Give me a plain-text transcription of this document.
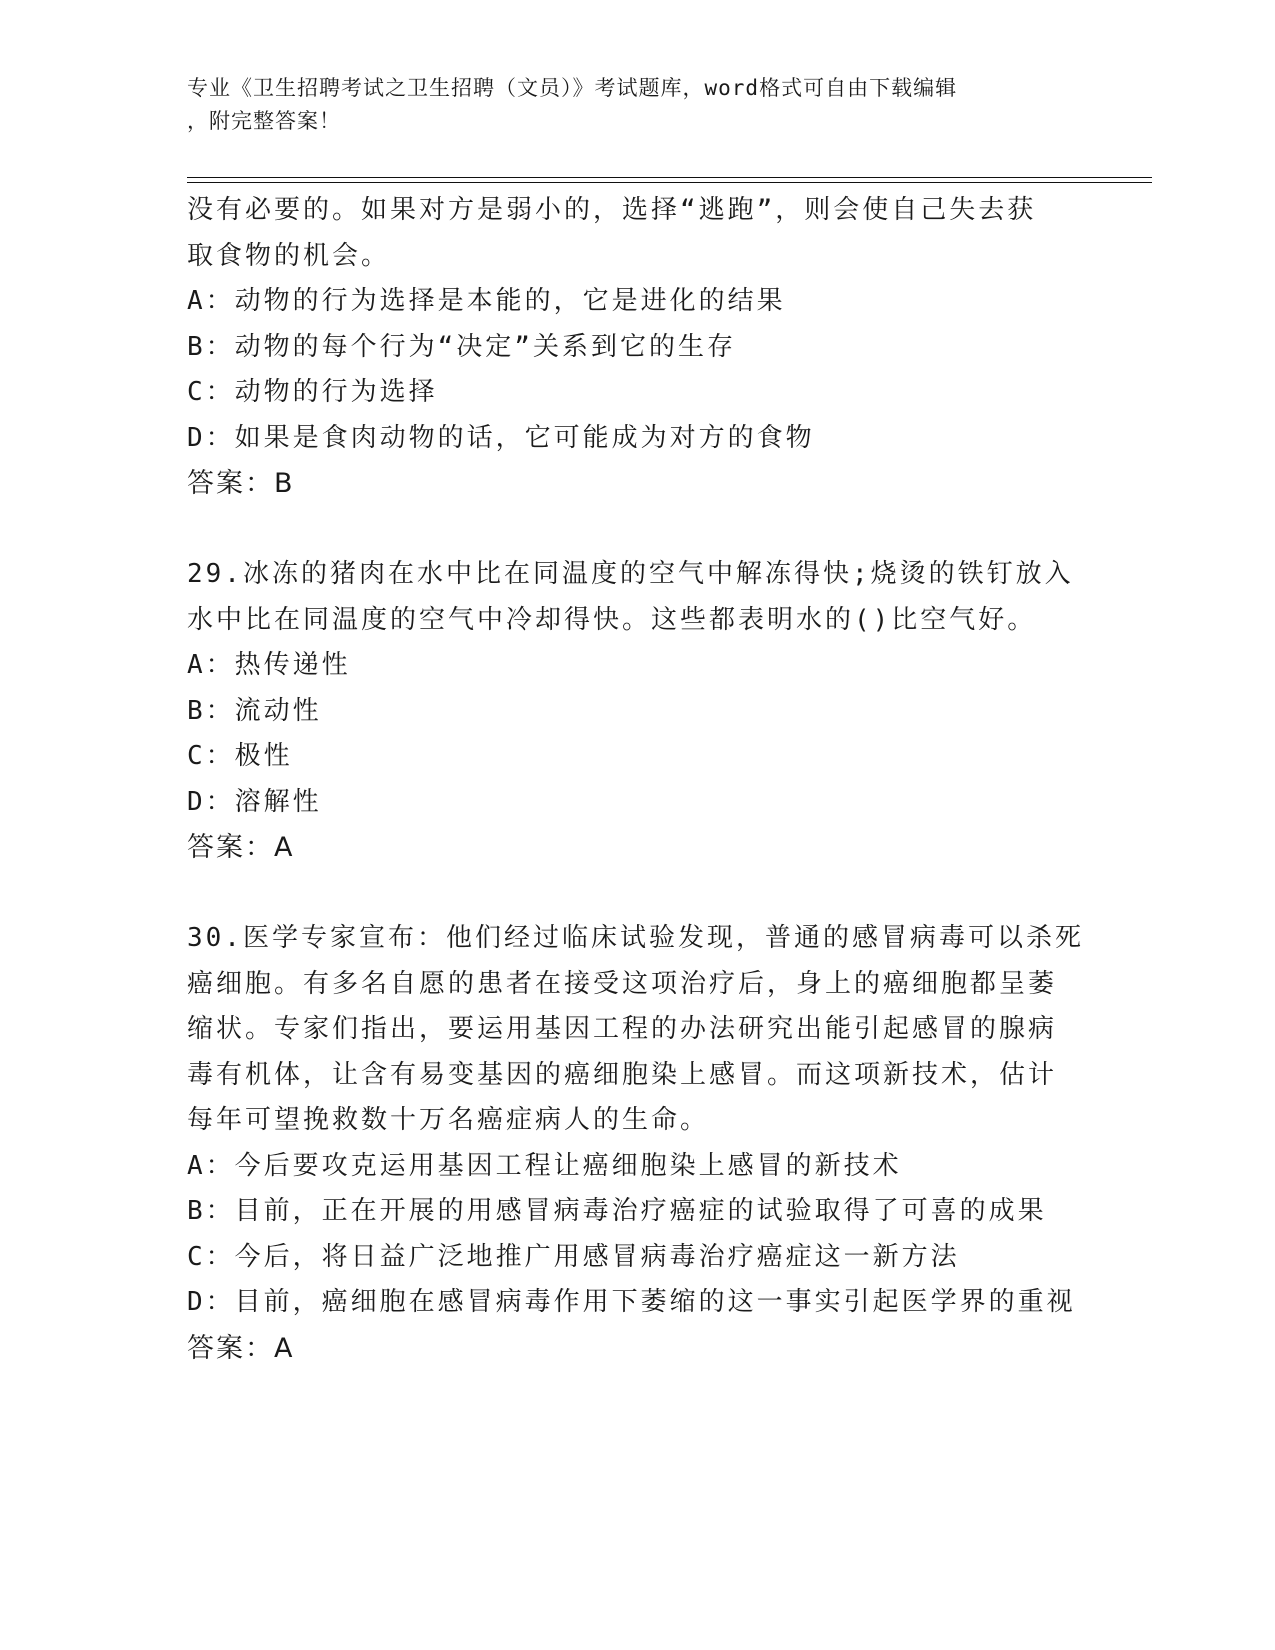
专业《卫生招聘考试之卫生招聘（文员）》考试题库，word格式可自由下载编辑
，附完整答案！
没有必要的。如果对方是弱小的，选择“逃跑”，则会使自己失去获
取食物的机会。
A：动物的行为选择是本能的，它是进化的结果
B：动物的每个行为“决定”关系到它的生存
C：动物的行为选择
D：如果是食肉动物的话，它可能成为对方的食物
答案：B
29.冰冻的猪肉在水中比在同温度的空气中解冻得快;烧烫的铁钉放入
水中比在同温度的空气中冷却得快。这些都表明水的()比空气好。
A：热传递性
B：流动性
C：极性
D：溶解性
答案：A
30.医学专家宣布：他们经过临床试验发现，普通的感冒病毒可以杀死
癌细胞。有多名自愿的患者在接受这项治疗后，身上的癌细胞都呈萎
缩状。专家们指出，要运用基因工程的办法研究出能引起感冒的腺病
毒有机体，让含有易变基因的癌细胞染上感冒。而这项新技术，估计
每年可望挽救数十万名癌症病人的生命。
A：今后要攻克运用基因工程让癌细胞染上感冒的新技术
B：目前，正在开展的用感冒病毒治疗癌症的试验取得了可喜的成果
C：今后，将日益广泛地推广用感冒病毒治疗癌症这一新方法
D：目前，癌细胞在感冒病毒作用下萎缩的这一事实引起医学界的重视
答案：A
